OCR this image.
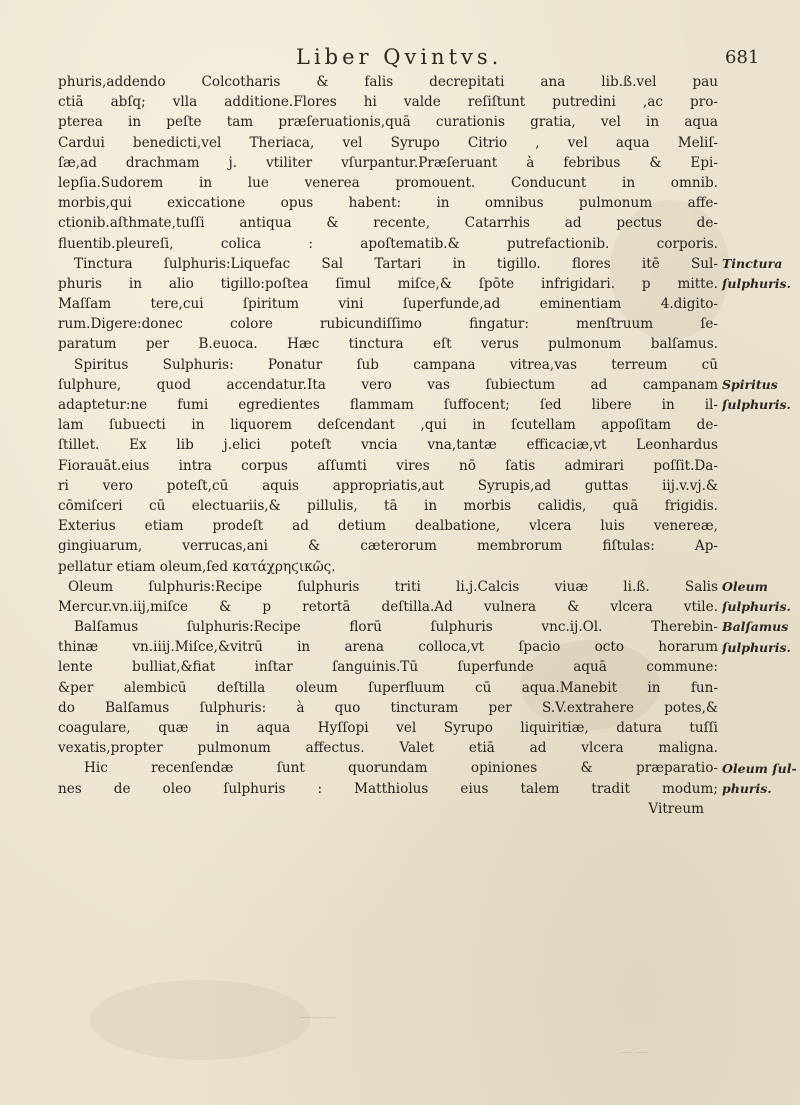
———
— —
Liber Qvintvs.	681
phuris,addendo Colcotharis & falis decrepitati ana lib.ß.vel pau
ctiā abſq; vlla additione.Flores hi valde reſiſtunt putredini ,ac pro-
pterea in peſte tam præſeruationis,quā curationis gratia, vel in aqua
Cardui benedicti,vel Theriaca, vel Syrupo Citrio , vel aqua Meliſ-
ſæ,ad drachmam j. vtiliter vſurpantur.Præſeruant à febribus & Epi-
lepſia.Sudorem in lue venerea promouent. Conducunt in omnib.
morbis,qui exiccatione opus habent: in omnibus pulmonum affe-
ctionib.aſthmate,tuſſi antiqua & recente, Catarrhis ad pectus de-
fluentib.pleureſi, colica : apoſtematib.& putrefactionib. corporis.
Tinctura ſulphuris:Liquefac Sal Tartari in tigillo. flores itē Sul-
phuris in alio tigillo:poſtea ſimul miſce,& ſpōte infrigidari. p mitte.
Maſſam tere,cui ſpiritum vini ſuperfunde,ad eminentiam 4.digito-
rum.Digere:donec colore rubicundiſſimo fingatur: menſtruum ſe-
paratum per B.euoca. Hæc tinctura eſt verus pulmonum balſamus.
Spiritus Sulphuris: Ponatur ſub campana vitrea,vas terreum cū
ſulphure, quod accendatur.Ita vero vas ſubiectum ad campanam
adaptetur:ne fumi egredientes flammam ſuffocent; ſed libere in il-
lam ſubuecti in liquorem deſcendant ,qui in ſcutellam appoſitam de-
ſtillet. Ex lib j.elici poteſt vncia vna,tantæ efficaciæ,vt Leonhardus
Fiorauāt.eius intra corpus aſſumti vires nō ſatis admirari poſſit.Da-
ri vero poteſt,cū aquis appropriatis,aut Syrupis,ad guttas iij.v.vj.&
cōmiſceri cū electuariis,& pillulis, tā in morbis calidis, quā frigidis.
Exterius etiam prodeſt ad detium dealbatione, vlcera luis venereæ,
gingiuarum, verrucas,ani & cæterorum membrorum fiſtulas: Ap-
pellatur etiam oleum,ſed κατάχρηϛικῶς.
Oleum ſulphuris:Recipe ſulphuris triti li.j.Calcis viuæ li.ß. Salis
Mercur.vn.iij,miſce & p retortā deſtilla.Ad vulnera & vlcera vtile.
Balſamus ſulphuris:Recipe florū ſulphuris vnc.ij.Ol. Therebin-
thinæ vn.iiij.Miſce,&vitrū in arena colloca,vt ſpacio octo horarum
lente bulliat,&fiat inſtar ſanguinis.Tū ſuperfunde aquā commune:
&per alembicū deſtilla oleum ſuperfluum cū aqua.Manebit in fun-
do Balſamus ſulphuris: à quo tincturam per S.V.extrahere potes,&
coagulare, quæ in aqua Hyſſopi vel Syrupo liquiritiæ, datura tuſſi
vexatis,propter pulmonum affectus. Valet etiā ad vlcera maligna.
Hic recenſendæ ſunt quorundam opiniones & præparatio-
nes de oleo ſulphuris : Matthiolus eius talem tradit modum;
Vitreum
Tinctura
ſulphuris.
Spiritus
ſulphuris.
Oleum
ſulphuris.
Balſamus
ſulphuris.
Oleum ſul-
phuris.
